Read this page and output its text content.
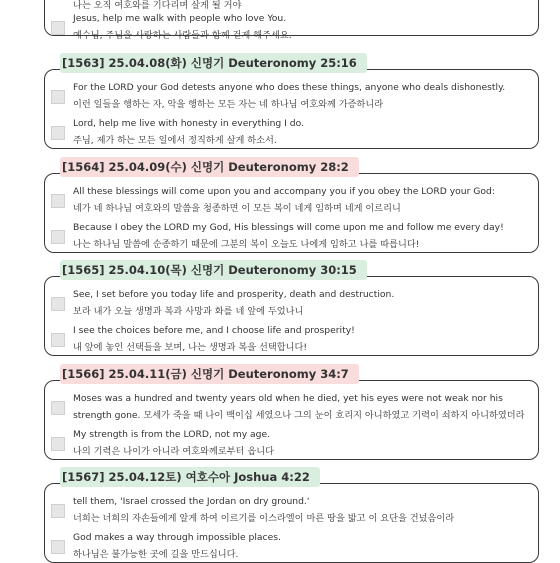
나는 오직 여호와를 기다리며 살게 될 거야
Jesus, help me walk with people who love You.
예수님, 주님을 사랑하는 사람들과 함께 걷게 해주세요.
For the LORD your God detests anyone who does these things, anyone who deals dishonestly.
이런 일들을 행하는 자, 악을 행하는 모든 자는 네 하나님 여호와께 가증하니라
Lord, help me live with honesty in everything I do.
주님, 제가 하는 모든 일에서 정직하게 살게 하소서.
[1563] 25.04.08(화) 신명기 Deuteronomy 25:16
All these blessings will come upon you and accompany you if you obey the LORD your God:
네가 네 하나님 여호와의 말씀을 청종하면 이 모든 복이 네게 임하며 네게 이르리니
Because I obey the LORD my God, His blessings will come upon me and follow me every day!
나는 하나님 말씀에 순종하기 때문에 그분의 복이 오늘도 나에게 임하고 나를 따릅니다!
[1564] 25.04.09(수) 신명기 Deuteronomy 28:2
See, I set before you today life and prosperity, death and destruction.
보라 내가 오늘 생명과 복과 사망과 화를 네 앞에 두었나니
I see the choices before me, and I choose life and prosperity!
내 앞에 놓인 선택들을 보며, 나는 생명과 복을 선택합니다!
[1565] 25.04.10(목) 신명기 Deuteronomy 30:15
Moses was a hundred and twenty years old when he died, yet his eyes were not weak nor his
strength gone. 모세가 죽을 때 나이 백이십 세였으나 그의 눈이 흐리지 아니하였고 기력이 쇠하지 아니하였더라
My strength is from the LORD, not my age.
나의 기력은 나이가 아니라 여호와께로부터 옵니다
[1566] 25.04.11(금) 신명기 Deuteronomy 34:7
tell them, 'Israel crossed the Jordan on dry ground.'
너희는 너희의 자손들에게 알게 하여 이르기를 이스라엘이 마른 땅을 밟고 이 요단을 건넜음이라
God makes a way through impossible places.
하나님은 불가능한 곳에 길을 만드십니다.
[1567] 25.04.12토) 여호수아 Joshua 4:22
